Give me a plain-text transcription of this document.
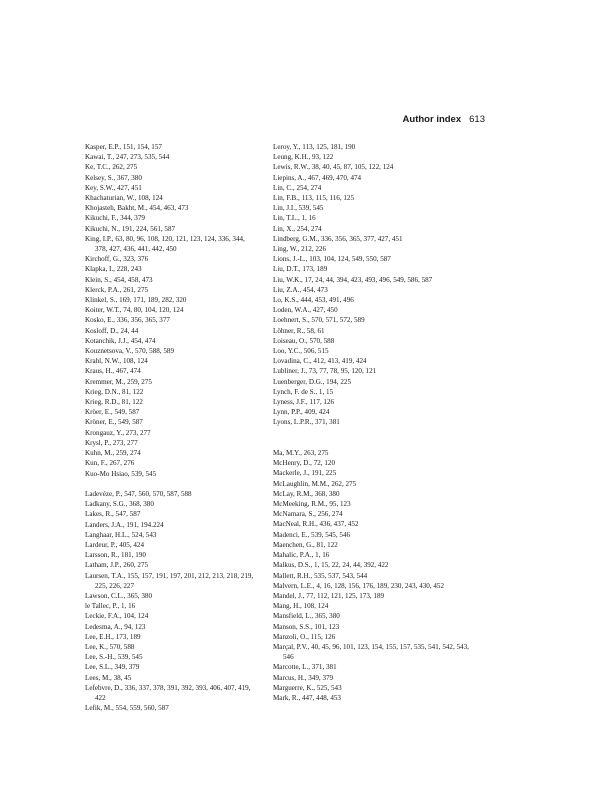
Author index 613
Kasper, E.P., 151, 154, 157
Kawai, T., 247, 273, 535, 544
Ke, T.C., 262, 275
Kelsey, S., 367, 380
Key, S.W., 427, 451
Khachaturian, W., 108, 124
Khojasteh, Bakht, M., 454, 463, 473
Kikuchi, F., 344, 379
Kikuchi, N., 191, 224, 561, 587
King, I.P., 63, 80, 96, 108, 120, 121, 123, 124, 336, 344, 378, 427, 436, 441, 442, 450
Kirchoff, G., 323, 376
Klapka, I., 228, 243
Klein, S., 454, 458, 473
Klerck, P.A., 261, 275
Klinkel, S., 169, 171, 189, 282, 320
Koiter, W.T., 74, 80, 104, 120, 124
Kosko, E., 336, 356, 365, 377
Kosloff, D., 24, 44
Kotanchik, J.J., 454, 474
Kouznetsova, V., 570, 588, 589
Krahl, N.W., 108, 124
Kraus, H., 467, 474
Kremmer, M., 259, 275
Krieg, D.N., 81, 122
Krieg, R.D., 81, 122
Kröer, E., 549, 587
Kröner, E., 549, 587
Krongauz, Y., 273, 277
Krysl, P., 273, 277
Kuhn, M., 259, 274
Kun, F., 267, 276
Kuo-Mo Hsiao, 539, 545
Ladevéze, P., 547, 560, 570, 587, 588
Ladkany, S.G., 368, 380
Lakes, R., 547, 587
Landers, J.A., 191, 194.224
Langhaar, H.L., 524, 543
Lardeur, P., 405, 424
Larsson, R., 181, 190
Latham, J.P., 260, 275
Laursen, T.A., 155, 157, 191, 197, 201, 212, 213, 218, 219, 225, 226, 227
Lawson, C.L., 365, 380
le Tallec, P., 1, 16
Leckie, F.A., 104, 124
Ledesma, A., 94, 123
Lee, E.H., 173, 189
Lee, K., 570, 588
Lee, S.-H., 539, 545
Lee, S.L., 349, 379
Lees, M., 38, 45
Lefebvre, D., 336, 337, 378, 391, 392, 393, 406, 407, 419, 422
Lefik, M., 554, 559, 560, 587
Leroy, Y., 113, 125, 181, 190
Leung, K.H., 93, 122
Lewis, R.W., 38, 40, 45, 87, 105, 122, 124
Liepins, A., 467, 469, 470, 474
Lin, C., 254, 274
Lin, F.B., 113, 115, 116, 125
Lin, J.I., 539, 545
Lin, T.L., 1, 16
Lin, X., 254, 274
Lindberg, G.M., 336, 356, 365, 377, 427, 451
Ling, W., 212, 226
Lions, J.-L., 103, 104, 124, 549, 550, 587
Liu, D.T., 173, 189
Liu, W.K., 17, 24, 44, 394, 423, 493, 496, 549, 586, 587
Liu, Z.A., 454, 473
Lo, K.S., 444, 453, 491, 496
Loden, W.A., 427, 450
Loehnert, S., 570, 571, 572, 589
Löhner, R., 58, 61
Loiseau, O., 570, 588
Loo, Y.C., 506, 515
Lovadina, C., 412, 413, 419, 424
Lubliner, J., 73, 77, 78, 95, 120, 121
Luenberger, D.G., 194, 225
Lynch, F. de S., 1, 15
Lyness, J.F., 117, 126
Lynn, P.P., 409, 424
Lyons, L.P.R., 371, 381
Ma, M.Y., 263, 275
McHenry, D., 72, 120
Mackerle, J., 191, 225
McLaughlin, M.M., 262, 275
McLay, R.M., 368, 380
McMeeking, R.M., 95, 123
McNamara, S., 256, 274
MacNeal, R.H., 436, 437, 452
Madenci, E., 539, 545, 546
Maenchen, G., 81, 122
Mahalic, P.A., 1, 16
Malkus, D.S., 1, 15, 22, 24, 44, 392, 422
Mallett, R.H., 535, 537, 543, 544
Malvern, L.E., 4, 16, 128, 156, 176, 189, 230, 243, 430, 452
Mandel, J., 77, 112, 121, 125, 173, 189
Mang, H., 108, 124
Mansfield, L., 365, 380
Manson, S.S., 101, 123
Manzoli, O., 115, 126
Marçal, P.V., 40, 45, 96, 101, 123, 154, 155, 157, 535, 541, 542, 543, 546
Marcotte, L., 371, 381
Marcus, H., 349, 379
Marguerre, K., 525, 543
Mark, R., 447, 448, 453
